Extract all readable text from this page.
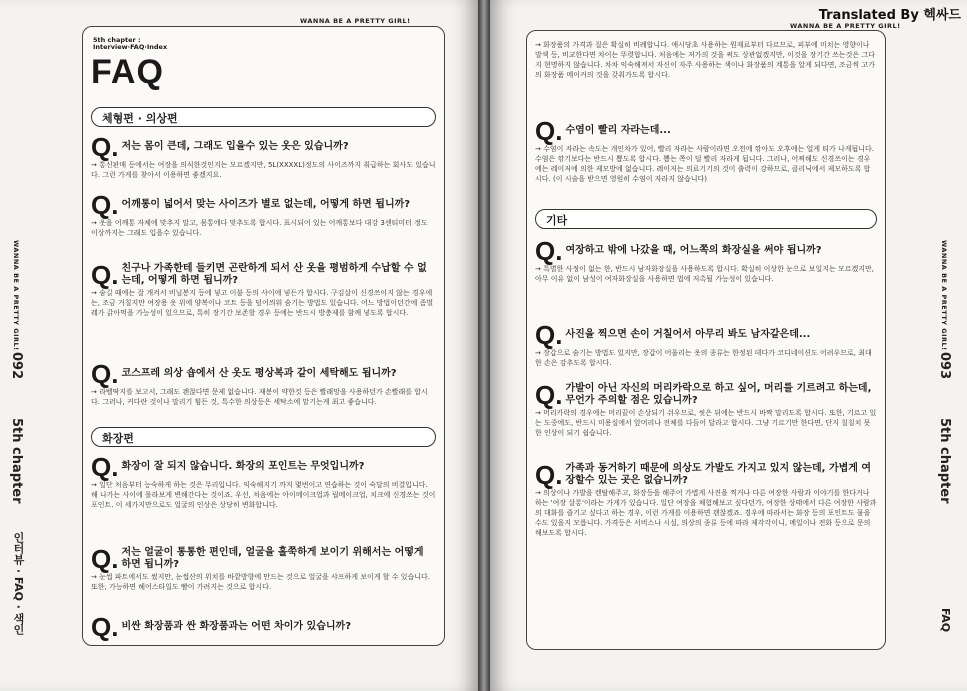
WANNA BE A PRETTY GIRL!
WANNA BE A PRETTY GIRL!
092
5th chapter
인터뷰 · FAQ · 색인
5th chapter :
Interview·FAQ·Index
FAQ
체형편 · 의상편
Q. 저는 몸이 큰데, 그래도 입을수 있는 옷은 있습니까?
→ 통신판매 등에서는 여장을 의식한것인지는 모르겠지만, 5L(XXXXL)정도의 사이즈까지 취급하는 회사도 있습니다. 그런 가게를 찾아서 이용하면 좋겠지요.
Q. 어깨통이 넓어서 맞는 사이즈가 별로 없는데, 어떻게 하면 됩니까?
→ 옷을 어깨통 자체에 맞추지 말고, 몸통에다 맞추도록 합시다. 표시되어 있는 어깨통보다 대강 3센티미터 정도 이상까지는 그래도 입을수 있습니다.
Q. 친구나 가족한테 들키면 곤란하게 되서 산 옷을 평범하게 수납할 수 없는데, 어떻게 하면 됩니까?
→ 숨길 때에는 잘 개켜서 비닐봉지 등에 넣고 이불 등의 사이에 넣든가 합시다. 구김살이 신경쓰이지 않는 경우에는, 조금 거칠지만 여장용 옷 위에 양복이나 코트 등을 덮어씌워 숨기는 방법도 있습니다. 어느 방법이던간에 좀벌레가 갉아먹을 가능성이 있으므로, 특히 장기간 보존할 경우 등에는 반드시 방충제를 함께 넣도록 합시다.
Q. 코스프레 의상 숍에서 산 옷도 평상복과 같이 세탁해도 됩니까?
→ 라벨딱지를 보고서, 그래도 괜찮다면 문제 없습니다. 재봉이 약한것 등은 빨래망을 사용하던가 손빨래를 합시다. 그러나, 커다란 것이나 말리기 힘든 것, 특수한 의상등은 세탁소에 맡기는게 최고 좋습니다.
화장편
Q. 화장이 잘 되지 않습니다. 화장의 포인트는 무엇입니까?
→ 일단 처음부터 능숙하게 하는 것은 무리입니다. 익숙해지기 까지 몇번이고 연습하는 것이 숙달의 비결입니다. 해 나가는 사이에 몰라보게 변해간다는 것이죠. 우선, 처음에는 아이메이크업과 립메이크업, 치크에 신경쓰는 것이 포인트. 이 세가지만으로도 얼굴의 인상은 상당히 변화합니다.
Q. 저는 얼굴이 통통한 편인데, 얼굴을 홀쭉하게 보이기 위해서는 어떻게 하면 됩니까?
→ 눈썹 파트에서도 썼지만, 눈썹산의 위치를 바깥방향에 만드는 것으로 얼굴을 샤프하게 보이게 할 수 있습니다. 또한, 가능하면 헤어스타일도 빰이 가려지는 것으로 합시다.
Q. 비싼 화장품과 싼 화장품과는 어떤 차이가 있습니까?
Translated By 헥싸드
WANNA BE A PRETTY GIRL!
WANNA BE A PRETTY GIRL!
093
5th chapter
FAQ
→ 화장품의 가격과 질은 확실히 비례합니다. 애시당초 사용하는 원재료부터 다르므로, 피부에 미치는 영향이나 발색 등, 비교한다면 차이는 뚜렷합니다. 처음에는 저가의 것을 써도 상관없겠지만, 이것을 장기간 쓰는것은 그다지 현명하지 않습니다. 차차 익숙해져서 자신이 자주 사용하는 색이나 화장품의 계통을 알게 되다면, 조금씩 고가의 화장품 메이커의 것을 갖춰가도록 합시다.
Q. 수염이 빨리 자라는데...
→ 수염이 자라는 속도는 개인차가 있어, 빨리 자라는 사람이라면 오전에 깎아도 오후에는 얼게 티가 나게됩니다. 수염은 깎기보다는 반드시 뽑도록 합시다. 뽑는 쪽이 덜 빨리 자라게 됩니다. 그러나, 어찌해도 신경쓰이는 경우에는 레이저에 의한 제모방에 없습니다. 레이저는 의료기기의 것이 출력이 강하므로, 클리닉에서 제모하도록 합시다. (이 시술을 받으면 영원히 수염이 자라지 않습니다)
기타
Q. 여장하고 밖에 나갔을 때, 어느쪽의 화장실을 써야 됩니까?
→ 특별한 사정이 없는 한, 반드시 남자화장실을 사용하도록 합시다. 확실히 이상한 눈으로 보일지는 모르겠지만, 아무 이유 없이 남성이 여자화장실을 사용하면 법에 저촉될 가능성이 있습니다.
Q. 사진을 찍으면 손이 거칠어서 아무리 봐도 남자같은데...
→ 장갑으로 숨기는 방법도 있지만, 장갑이 어울리는 옷의 종류는 한정된 데다가 코디네이션도 어려우므로, 최대한 손은 감추도록 합시다.
Q. 가발이 아닌 자신의 머리카락으로 하고 싶어, 머리를 기르려고 하는데, 무언가 주의할 점은 있습니까?
→ 머리카락의 경우에는 머리끝이 손상되기 쉬우므로, 씻은 뒤에는 반드시 바짝 말리도록 합시다. 또한, 기르고 있는 도중에도, 반드시 미용실에서 앞머리나 전체를 다듬어 달라고 합시다. 그냥 기르기만 한다면, 단지 칠칠치 못한 인상이 되기 쉽습니다.
Q. 가족과 동거하기 때문에 의상도 가발도 가지고 있지 않는데, 가볍게 여장할수 있는 곳은 없습니까?
→ 의상이나 가발을 렌탈해주고, 화장등을 해주어 가볍게 사진을 찍거나 다른 여장한 사람과 이야기를 한다거나 하는 '여장 살롱'이라는 가게가 있습니다. 일단 여장을 체험해보고 싶다던가, 여장한 상태에서 다른 여장한 사람과의 대화를 즐기고 싶다고 하는 경우, 이런 가게를 이용하면 괜찮겠죠. 경우에 따라서는 화장 등의 포인트도 물을 수도 있을지 모릅니다. 가격등은 서비스나 시설, 의상의 종류 등에 따라 제각각이니, 메일이나 전화 등으로 문의해보도록 합시다.
